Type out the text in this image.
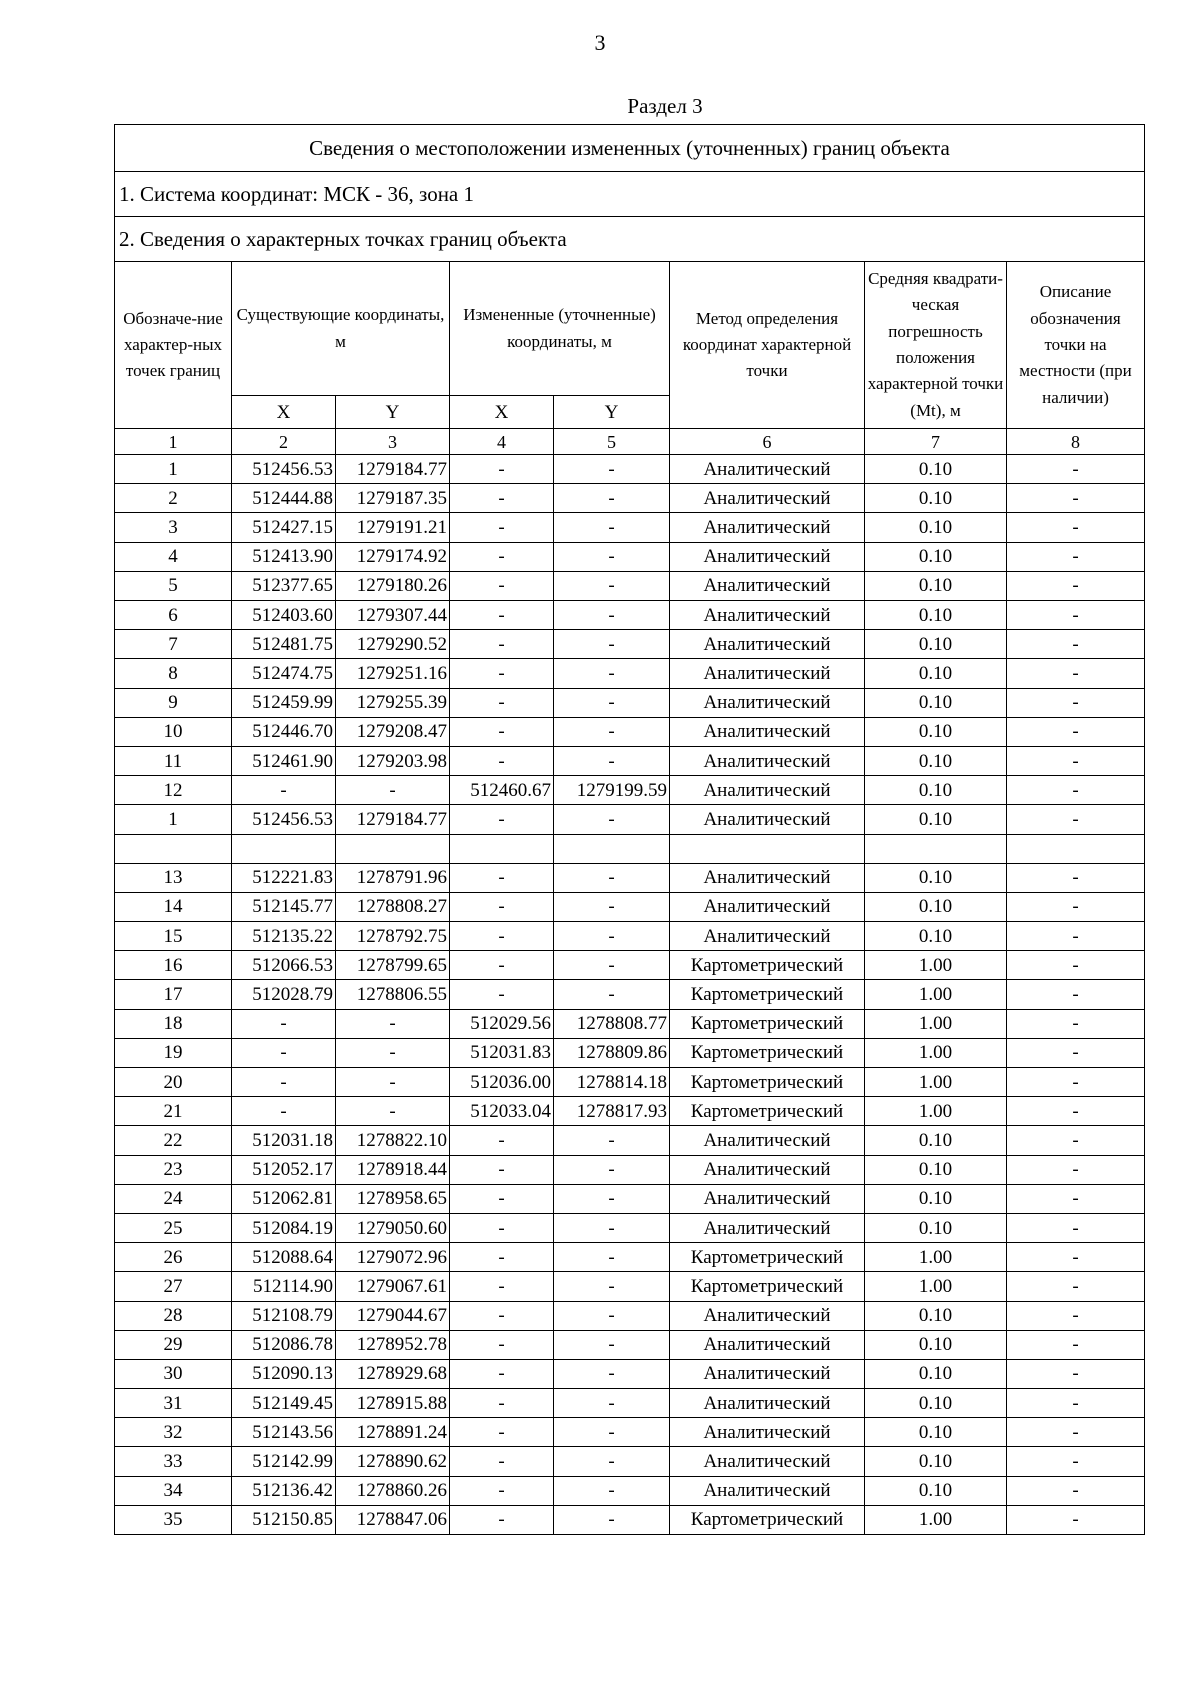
3
Раздел 3
Сведения о местоположении измененных (уточненных) границ объекта							
1. Система координат: МСК - 36, зона 1							
2. Сведения о характерных точках границ объекта							
Обозначе-ние характер-ных точек границ	Существующие координаты, м		Измененные (уточненные) координаты, м		Метод определения координат характерной точки	Средняя квадрати-ческая погрешность положения характерной точки (Mt), м	Описание обозначения точки на местности (при наличии)
	X	Y	X	Y			
1	2	3	4	5	6	7	8
1	512456.53	1279184.77	-	-	Аналитический	0.10	-
2	512444.88	1279187.35	-	-	Аналитический	0.10	-
3	512427.15	1279191.21	-	-	Аналитический	0.10	-
4	512413.90	1279174.92	-	-	Аналитический	0.10	-
5	512377.65	1279180.26	-	-	Аналитический	0.10	-
6	512403.60	1279307.44	-	-	Аналитический	0.10	-
7	512481.75	1279290.52	-	-	Аналитический	0.10	-
8	512474.75	1279251.16	-	-	Аналитический	0.10	-
9	512459.99	1279255.39	-	-	Аналитический	0.10	-
10	512446.70	1279208.47	-	-	Аналитический	0.10	-
11	512461.90	1279203.98	-	-	Аналитический	0.10	-
12	-	-	512460.67	1279199.59	Аналитический	0.10	-
1	512456.53	1279184.77	-	-	Аналитический	0.10	-

13	512221.83	1278791.96	-	-	Аналитический	0.10	-
14	512145.77	1278808.27	-	-	Аналитический	0.10	-
15	512135.22	1278792.75	-	-	Аналитический	0.10	-
16	512066.53	1278799.65	-	-	Картометрический	1.00	-
17	512028.79	1278806.55	-	-	Картометрический	1.00	-
18	-	-	512029.56	1278808.77	Картометрический	1.00	-
19	-	-	512031.83	1278809.86	Картометрический	1.00	-
20	-	-	512036.00	1278814.18	Картометрический	1.00	-
21	-	-	512033.04	1278817.93	Картометрический	1.00	-
22	512031.18	1278822.10	-	-	Аналитический	0.10	-
23	512052.17	1278918.44	-	-	Аналитический	0.10	-
24	512062.81	1278958.65	-	-	Аналитический	0.10	-
25	512084.19	1279050.60	-	-	Аналитический	0.10	-
26	512088.64	1279072.96	-	-	Картометрический	1.00	-
27	512114.90	1279067.61	-	-	Картометрический	1.00	-
28	512108.79	1279044.67	-	-	Аналитический	0.10	-
29	512086.78	1278952.78	-	-	Аналитический	0.10	-
30	512090.13	1278929.68	-	-	Аналитический	0.10	-
31	512149.45	1278915.88	-	-	Аналитический	0.10	-
32	512143.56	1278891.24	-	-	Аналитический	0.10	-
33	512142.99	1278890.62	-	-	Аналитический	0.10	-
34	512136.42	1278860.26	-	-	Аналитический	0.10	-
35	512150.85	1278847.06	-	-	Картометрический	1.00	-
